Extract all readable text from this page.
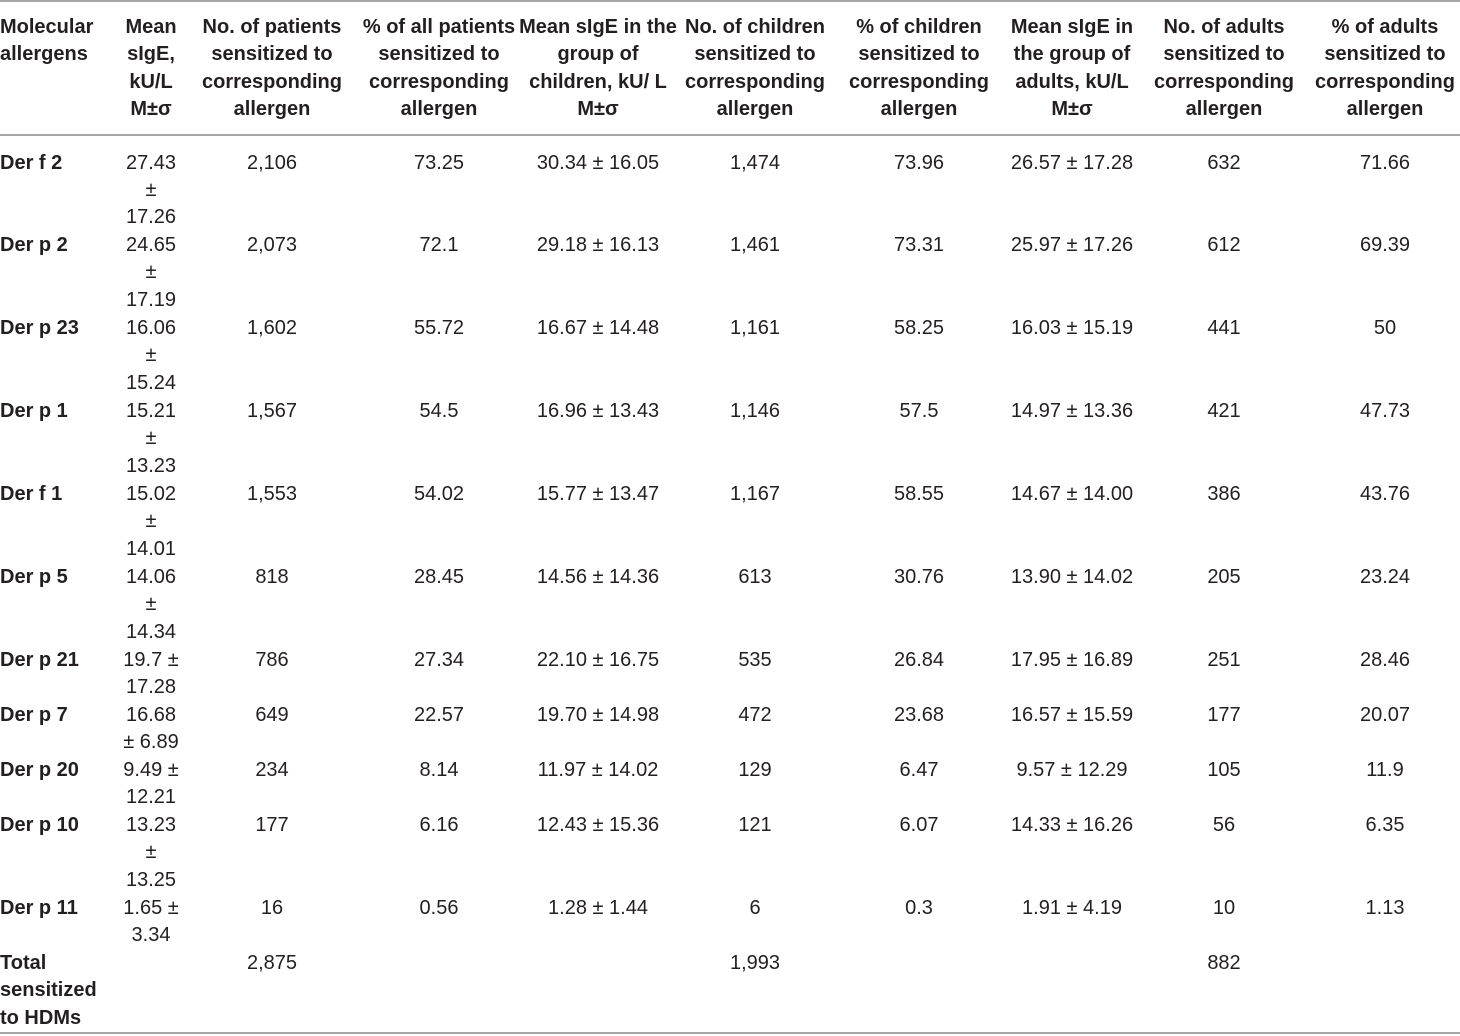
Molecular allergens	Mean sIgE, kU/L M±σ	No. of patients sensitized to corresponding allergen	% of all patients sensitized to corresponding allergen	Mean sIgE in the group of children, kU/ L M±σ	No. of children sensitized to corresponding allergen	% of children sensitized to corresponding allergen	Mean sIgE in the group of adults, kU/L M±σ	No. of adults sensitized to corresponding allergen	% of adults sensitized to corresponding allergen
Der f 2	27.43 ± 17.26	2,106	73.25	30.34 ± 16.05	1,474	73.96	26.57 ± 17.28	632	71.66
Der p 2	24.65 ± 17.19	2,073	72.1	29.18 ± 16.13	1,461	73.31	25.97 ± 17.26	612	69.39
Der p 23	16.06 ± 15.24	1,602	55.72	16.67 ± 14.48	1,161	58.25	16.03 ± 15.19	441	50
Der p 1	15.21 ± 13.23	1,567	54.5	16.96 ± 13.43	1,146	57.5	14.97 ± 13.36	421	47.73
Der f 1	15.02 ± 14.01	1,553	54.02	15.77 ± 13.47	1,167	58.55	14.67 ± 14.00	386	43.76
Der p 5	14.06 ± 14.34	818	28.45	14.56 ± 14.36	613	30.76	13.90 ± 14.02	205	23.24
Der p 21	19.7 ± 17.28	786	27.34	22.10 ± 16.75	535	26.84	17.95 ± 16.89	251	28.46
Der p 7	16.68 ± 6.89	649	22.57	19.70 ± 14.98	472	23.68	16.57 ± 15.59	177	20.07
Der p 20	9.49 ± 12.21	234	8.14	11.97 ± 14.02	129	6.47	9.57 ± 12.29	105	11.9
Der p 10	13.23 ± 13.25	177	6.16	12.43 ± 15.36	121	6.07	14.33 ± 16.26	56	6.35
Der p 11	1.65 ± 3.34	16	0.56	1.28 ± 1.44	6	0.3	1.91 ± 4.19	10	1.13
Total sensitized to HDMs		2,875			1,993			882	
